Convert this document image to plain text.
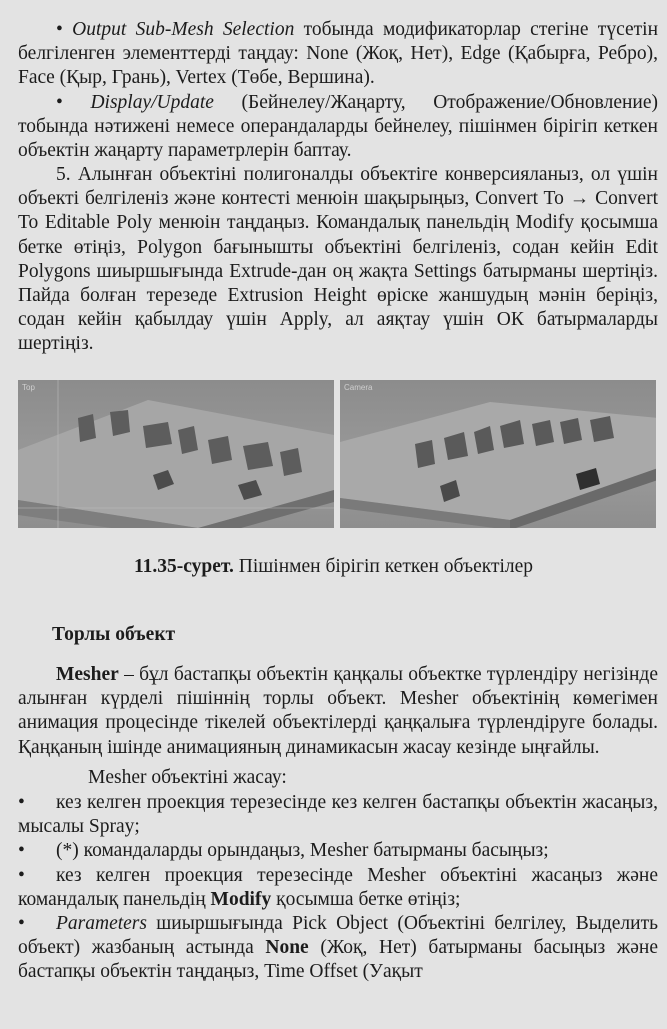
• Output Sub-Mesh Selection тобында модификаторлар стегіне түсетін белгіленген элементтерді таңдау: None (Жоқ, Нет), Edge (Қабырға, Ребро), Face (Қыр, Грань), Vertex (Төбе, Вершина).

• Display/Update (Бейнелеу/Жаңарту, Отображение/Обновление) тобында нәтижені немесе операндаларды бейнелеу, пішінмен бірігіп кеткен объектін жаңарту параметрлерін баптау.

5. Алынған объектіні полигоналды объектіге конверсияланыз, ол үшін объекті белгіленіз және контесті менюін шақырыңыз, Convert To → Convert To Editable Poly менюін таңдаңыз. Командалық панельдің Modify қосымша бетке өтіңіз, Polygon бағынышты объектіні белгіленіз, содан кейін Edit Polygons шиыршығында Extrude-дан оң жақта Settings батырманы шертіңіз. Пайда болған терезеде Extrusion Height өріске жаншудың мәнін беріңіз, содан кейін қабылдау үшін Apply, ал аяқтау үшін ОК батырмаларды шертіңіз.

Top	Camera
11.35-сурет. Пішінмен бірігіп кеткен объектілер
Торлы объект

Mesher – бұл бастапқы объектін қаңқалы объектке түрлендіру негізінде алынған күрделі пішіннің торлы объект. Mesher объектінің көмегімен анимация процесінде тікелей объектілерді қаңқалыға түрлендіруге болады. Қаңқаның ішінде анимацияның динамикасын жасау кезінде ыңғайлы.

Mesher объектіні жасау:

• кез келген проекция терезесінде кез келген бастапқы объектін жасаңыз, мысалы Spray;

• (*) командаларды орындаңыз, Mesher батырманы басыңыз;

• кез келген проекция терезесінде Mesher объектіні жасаңыз және командалық панельдің Modify қосымша бетке өтіңіз;

• Parameters шиыршығында Pick Object (Объектіні белгілеу, Выделить объект) жазбаның астында None (Жоқ, Нет) батырманы басыңыз және бастапқы объектін таңдаңыз, Time Offset (Уақыт
